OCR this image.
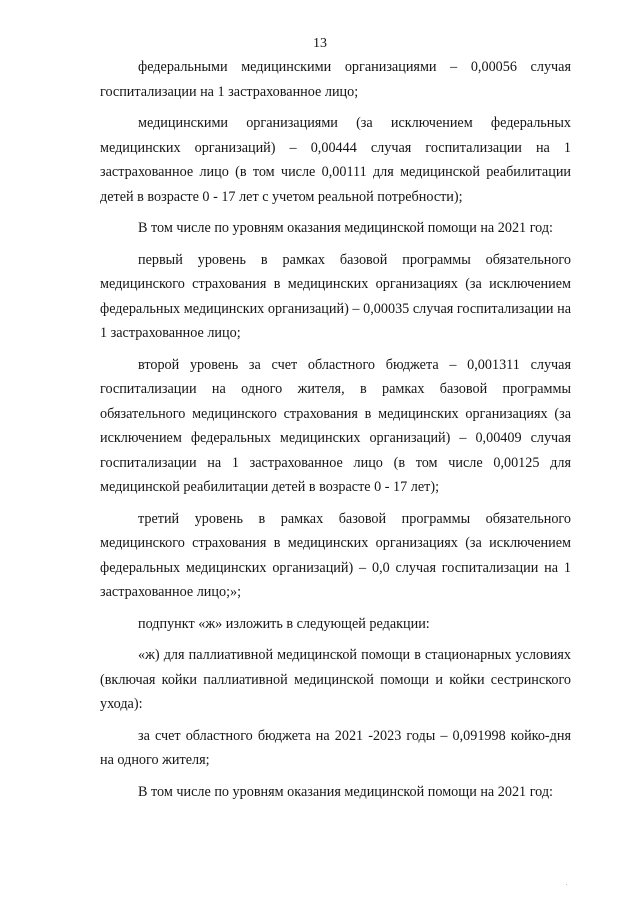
13

федеральными медицинскими организациями – 0,00056 случая госпитализации на 1 застрахованное лицо;

медицинскими организациями (за исключением федеральных медицинских организаций) – 0,00444 случая госпитализации на 1 застрахованное лицо (в том числе 0,00111 для медицинской реабилитации детей в возрасте 0 - 17 лет с учетом реальной потребности);

В том числе по уровням оказания медицинской помощи на 2021 год:

первый уровень в рамках базовой программы обязательного медицинского страхования в медицинских организациях (за исключением федеральных медицинских организаций) – 0,00035 случая госпитализации на 1 застрахованное лицо;

второй уровень за счет областного бюджета – 0,001311 случая госпитализации на одного жителя, в рамках базовой программы обязательного медицинского страхования в медицинских организациях (за исключением федеральных медицинских организаций) – 0,00409 случая госпитализации на 1 застрахованное лицо (в том числе 0,00125 для медицинской реабилитации детей в возрасте 0 - 17 лет);

третий уровень в рамках базовой программы обязательного медицинского страхования в медицинских организациях (за исключением федеральных медицинских организаций) – 0,0 случая госпитализации на 1 застрахованное лицо;»;

подпункт «ж» изложить в следующей редакции:

«ж) для паллиативной медицинской помощи в стационарных условиях (включая койки паллиативной медицинской помощи и койки сестринского ухода):

за счет областного бюджета на 2021 -2023 годы – 0,091998 койко-дня на одного жителя;

В том числе по уровням оказания медицинской помощи на 2021 год:
